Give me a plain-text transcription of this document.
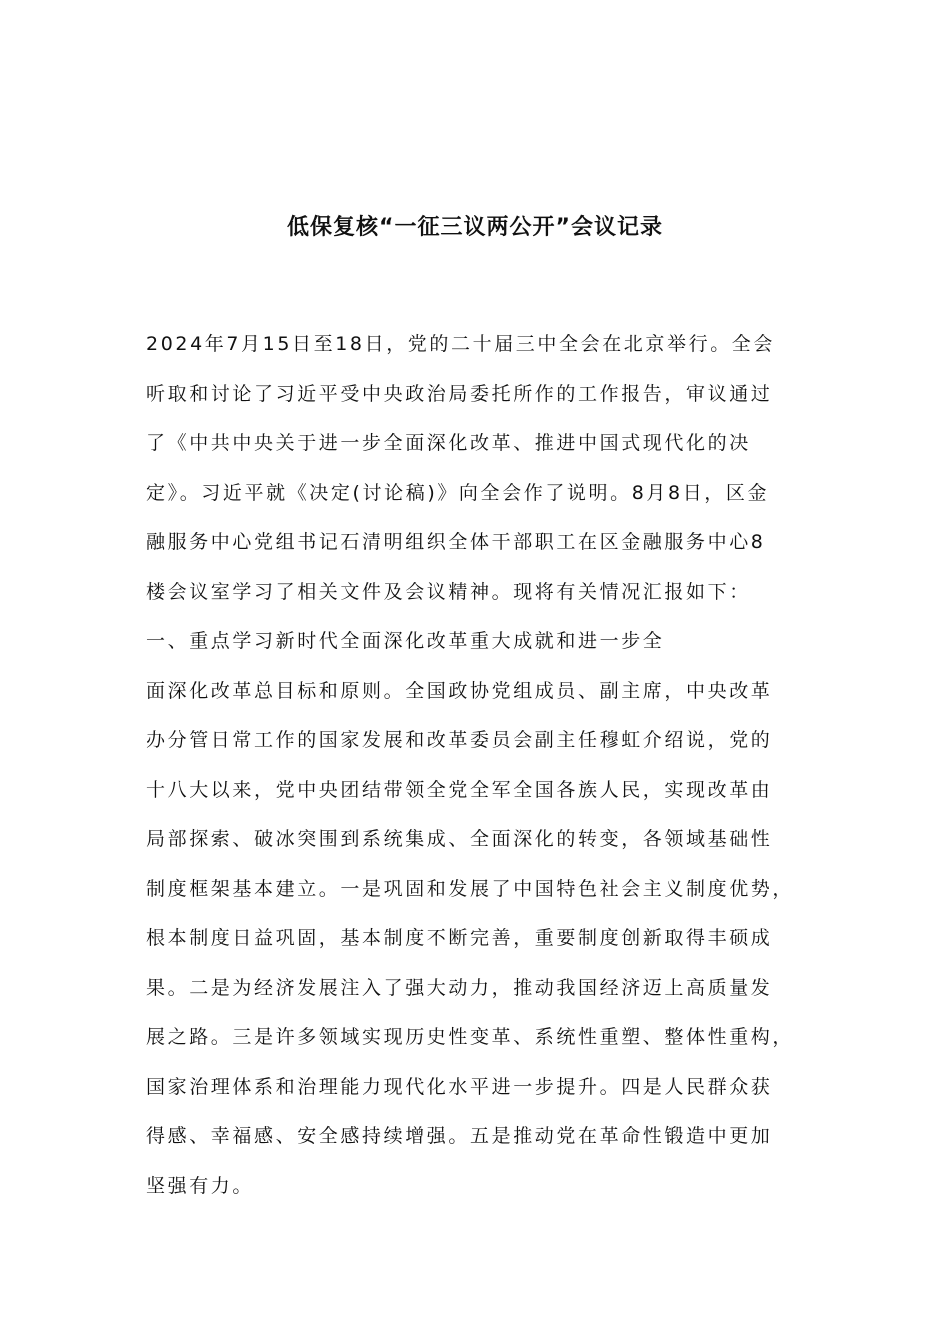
低保复核“一征三议两公开”会议记录
2024年7月15日至18日，党的二十届三中全会在北京举行。全会
听取和讨论了习近平受中央政治局委托所作的工作报告，审议通过
了《中共中央关于进一步全面深化改革、推进中国式现代化的决
定》。习近平就《决定(讨论稿)》向全会作了说明。8月8日，区金
融服务中心党组书记石清明组织全体干部职工在区金融服务中心8
楼会议室学习了相关文件及会议精神。现将有关情况汇报如下：
一、重点学习新时代全面深化改革重大成就和进一步全
面深化改革总目标和原则。全国政协党组成员、副主席，中央改革
办分管日常工作的国家发展和改革委员会副主任穆虹介绍说，党的
十八大以来，党中央团结带领全党全军全国各族人民，实现改革由
局部探索、破冰突围到系统集成、全面深化的转变，各领域基础性
制度框架基本建立。一是巩固和发展了中国特色社会主义制度优势，
根本制度日益巩固，基本制度不断完善，重要制度创新取得丰硕成
果。二是为经济发展注入了强大动力，推动我国经济迈上高质量发
展之路。三是许多领域实现历史性变革、系统性重塑、整体性重构，
国家治理体系和治理能力现代化水平进一步提升。四是人民群众获
得感、幸福感、安全感持续增强。五是推动党在革命性锻造中更加
坚强有力。
